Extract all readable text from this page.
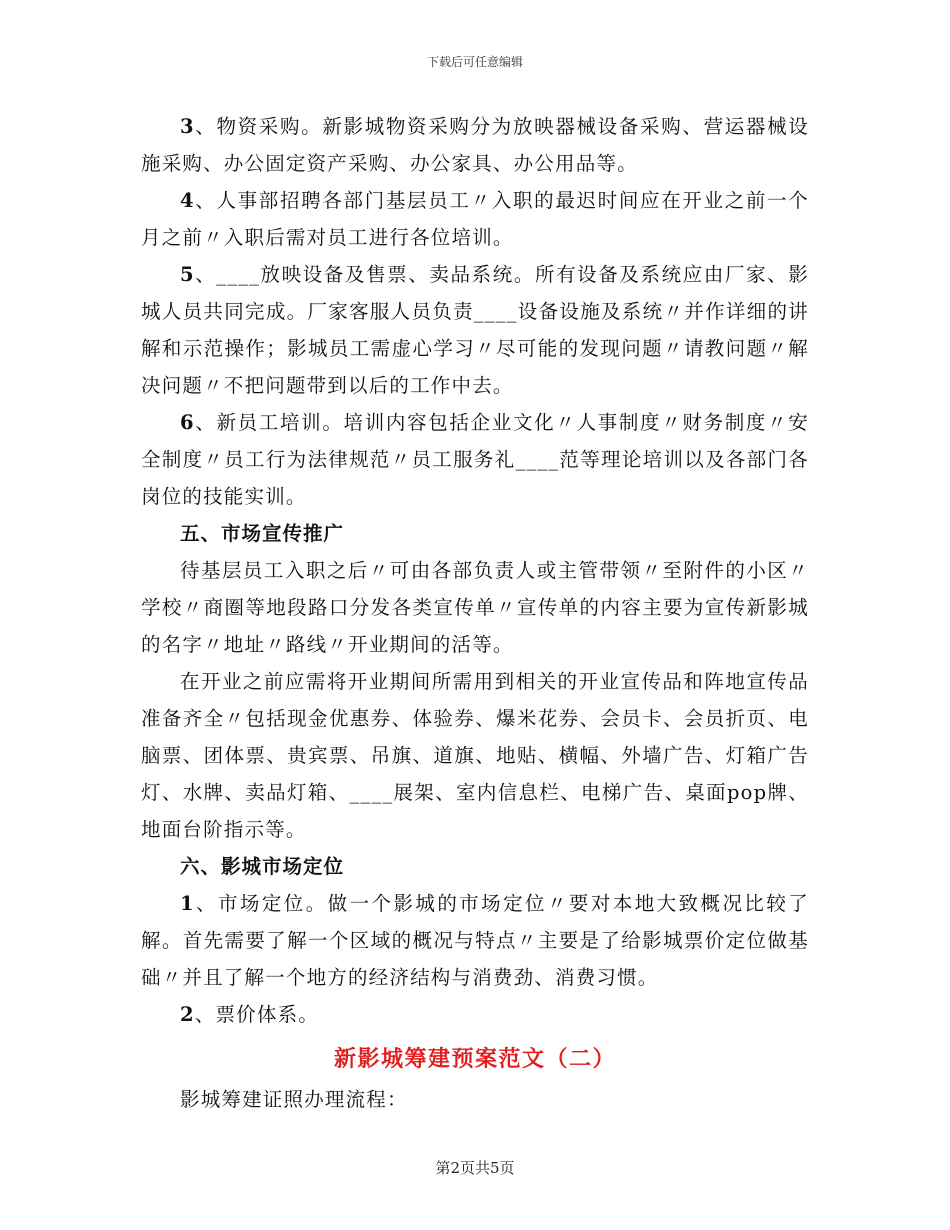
下载后可任意编辑

3、物资采购。新影城物资采购分为放映器械设备采购、营运器械设施采购、办公固定资产采购、办公家具、办公用品等。

4、人事部招聘各部门基层员工〃入职的最迟时间应在开业之前一个月之前〃入职后需对员工进行各位培训。

5、____放映设备及售票、卖品系统。所有设备及系统应由厂家、影城人员共同完成。厂家客服人员负责____设备设施及系统〃并作详细的讲解和示范操作；影城员工需虚心学习〃尽可能的发现问题〃请教问题〃解决问题〃不把问题带到以后的工作中去。

6、新员工培训。培训内容包括企业文化〃人事制度〃财务制度〃安全制度〃员工行为法律规范〃员工服务礼____范等理论培训以及各部门各岗位的技能实训。

五、市场宣传推广

待基层员工入职之后〃可由各部负责人或主管带领〃至附件的小区〃学校〃商圈等地段路口分发各类宣传单〃宣传单的内容主要为宣传新影城的名字〃地址〃路线〃开业期间的活等。

在开业之前应需将开业期间所需用到相关的开业宣传品和阵地宣传品准备齐全〃包括现金优惠券、体验券、爆米花券、会员卡、会员折页、电脑票、团体票、贵宾票、吊旗、道旗、地贴、横幅、外墙广告、灯箱广告灯、水牌、卖品灯箱、____展架、室内信息栏、电梯广告、桌面pop牌、地面台阶指示等。

六、影城市场定位

1、市场定位。做一个影城的市场定位〃要对本地大致概况比较了解。首先需要了解一个区域的概况与特点〃主要是了给影城票价定位做基础〃并且了解一个地方的经济结构与消费劲、消费习惯。

2、票价体系。

新影城筹建预案范文（二）

影城筹建证照办理流程：

第2页共5页
